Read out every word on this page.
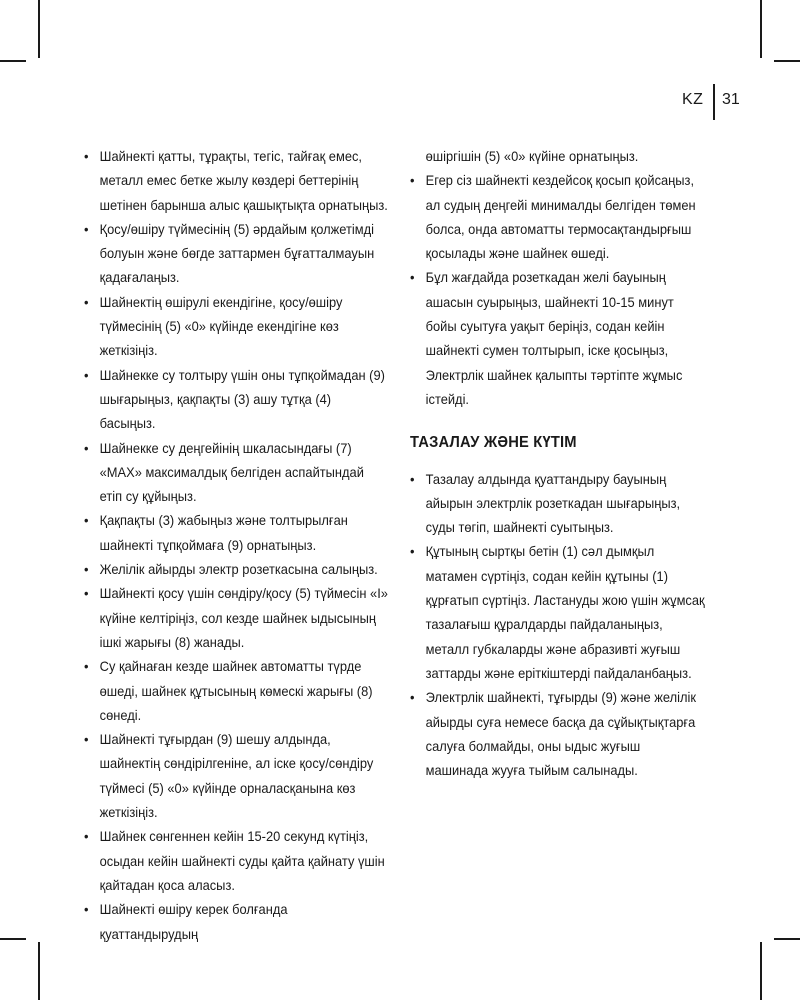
KZ 31
• Шайнекті қатты, тұрақты, тегіс, тайғақ емес, металл емес бетке жылу көздері беттерінің шетінен барынша алыс қашықтықта орнатыңыз.
• Қосу/өшіру түймесінің (5) әрдайым қолжетімді болуын және бөгде заттармен бұғатталмауын қадағалаңыз.
• Шайнектің өшірулі екендігіне, қосу/өшіру түймесінің (5) «0» күйінде екендігіне көз жеткізіңіз.
• Шайнекке су толтыру үшін оны тұпқоймадан (9) шығарыңыз, қақпақты (3) ашу тұтқа (4) басыңыз.
• Шайнекке су деңгейінің шкаласындағы (7) «MAX» максималдық белгіден аспайтындай етіп су құйыңыз.
• Қақпақты (3) жабыңыз және толтырылған шайнекті тұпқоймаға (9) орнатыңыз.
• Желілік айырды электр розеткасына салыңыз.
• Шайнекті қосу үшін сөндіру/қосу (5) түймесін «I» күйіне келтіріңіз, сол кезде шайнек ыдысының ішкі жарығы (8) жанады.
• Су қайнаған кезде шайнек автоматты түрде өшеді, шайнек құтысының көмескі жарығы (8) сөнеді.
• Шайнекті тұғырдан (9) шешу алдында, шайнектің сөндірілгеніне, ал іске қосу/сөндіру түймесі (5) «0» күйінде орналасқанына көз жеткізіңіз.
• Шайнек сөнгеннен кейін 15-20 секунд күтіңіз, осыдан кейін шайнекті суды қайта қайнату үшін қайтадан қоса аласыз.
• Шайнекті өшіру керек болғанда қуаттандырудың

өшіргішін (5) «0» күйіне орнатыңыз.

• Егер сіз шайнекті кездейсоқ қосып қойсаңыз, ал судың деңгейі минималды белгіден төмен болса, онда автоматты термосақтандырғыш қосылады және шайнек өшеді.
• Бұл жағдайда розеткадан желі бауының ашасын суырыңыз, шайнекті 10-15 минут бойы суытуға уақыт беріңіз, содан кейін шайнекті сумен толтырып, іске қосыңыз, Электрлік шайнек қалыпты тәртіпте жұмыс істейді.
ТАЗАЛАУ ЖӘНЕ КҮТІМ
• Тазалау алдында қуаттандыру бауының айырын электрлік розеткадан шығарыңыз, суды төгіп, шайнекті суытыңыз.
• Құтының сыртқы бетін (1) сәл дымқыл матамен сүртіңіз, содан кейін құтыны (1) құрғатып сүртіңіз. Ластануды жою үшін жұмсақ тазалағыш құралдарды пайдаланыңыз, металл губкаларды және абразивті жуғыш заттарды және еріткіштерді пайдаланбаңыз.
• Электрлік шайнекті, тұғырды (9) және желілік айырды суға немесе басқа да сұйықтықтарға салуға болмайды, оны ыдыс жуғыш машинада жууға тыйым салынады.
